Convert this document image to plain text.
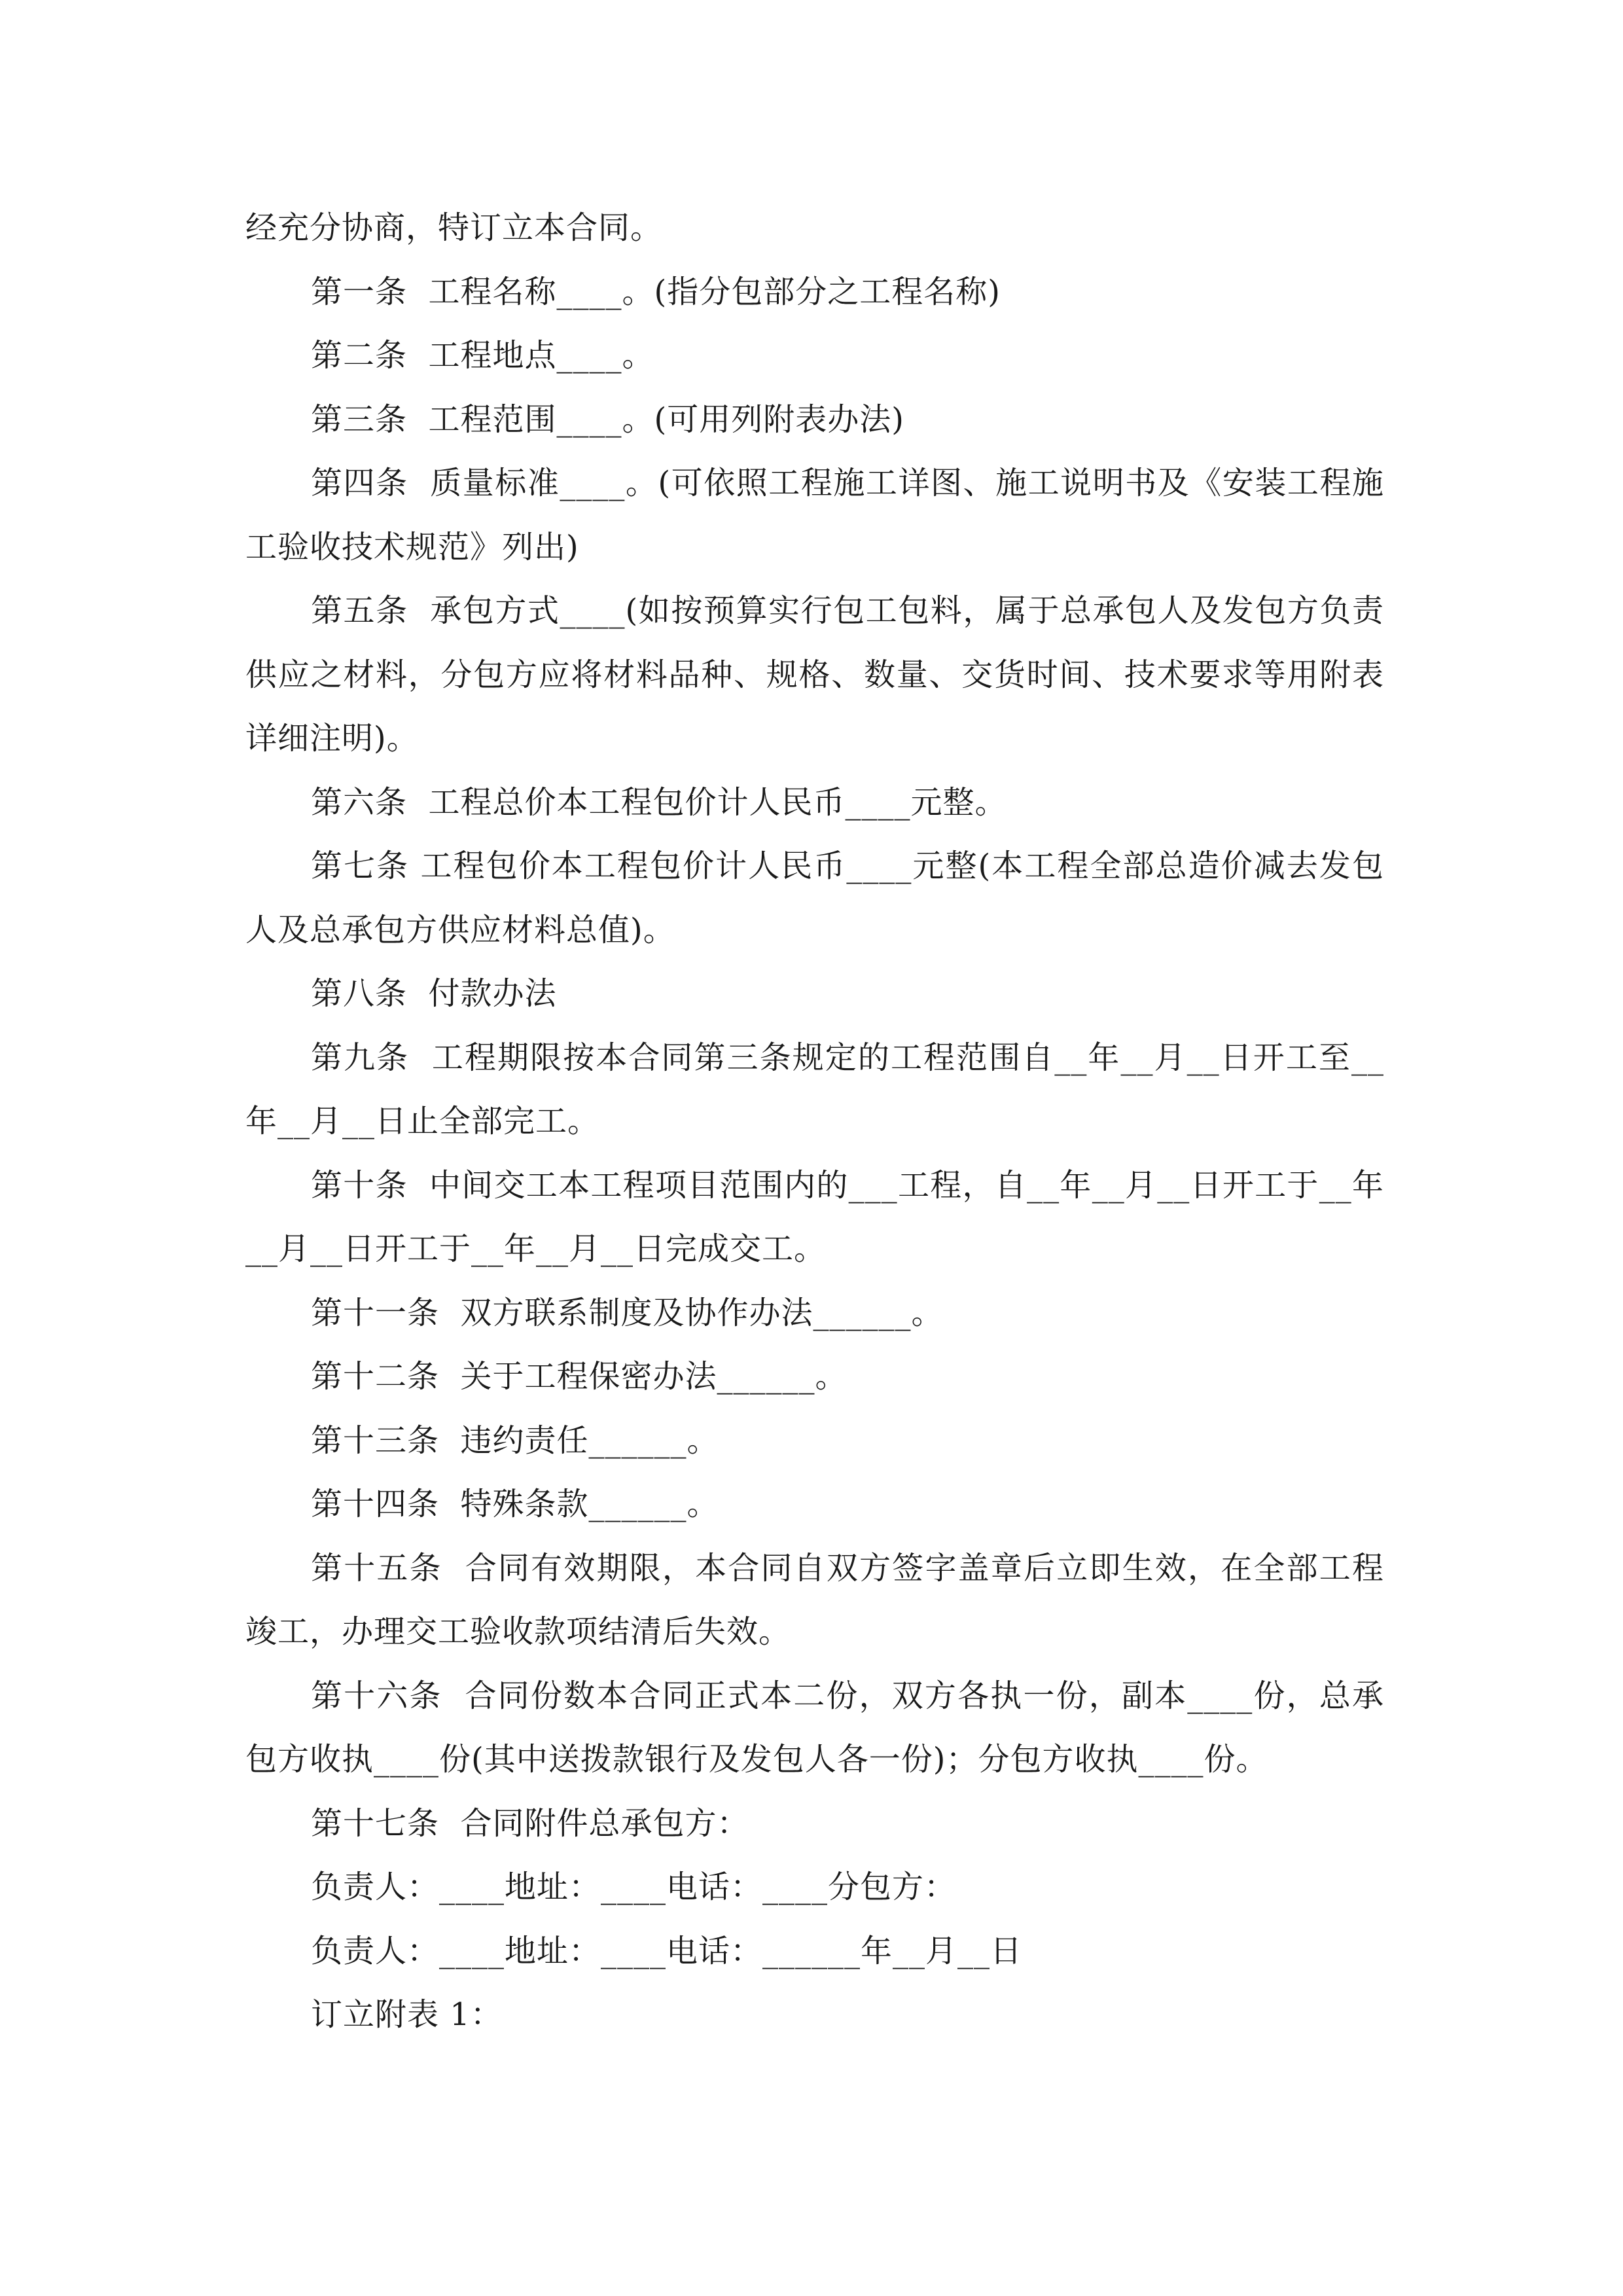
经充分协商，特订立本合同。

第一条  工程名称____。(指分包部分之工程名称)

第二条  工程地点____。

第三条  工程范围____。(可用列附表办法)

第四条  质量标准____。(可依照工程施工详图、施工说明书及《安装工程施工验收技术规范》列出)

第五条  承包方式____(如按预算实行包工包料，属于总承包人及发包方负责供应之材料，分包方应将材料品种、规格、数量、交货时间、技术要求等用附表详细注明)。

第六条  工程总价本工程包价计人民币____元整。

第七条 工程包价本工程包价计人民币____元整(本工程全部总造价减去发包人及总承包方供应材料总值)。

第八条  付款办法

第九条  工程期限按本合同第三条规定的工程范围自__年__月__日开工至__年__月__日止全部完工。

第十条  中间交工本工程项目范围内的___工程，自__年__月__日开工于__年__月__日开工于__年__月__日完成交工。

第十一条  双方联系制度及协作办法______。

第十二条  关于工程保密办法______。

第十三条  违约责任______。

第十四条  特殊条款______。

第十五条  合同有效期限，本合同自双方签字盖章后立即生效，在全部工程竣工，办理交工验收款项结清后失效。

第十六条  合同份数本合同正式本二份，双方各执一份，副本____份，总承包方收执____份(其中送拨款银行及发包人各一份)；分包方收执____份。

第十七条  合同附件总承包方：

负责人：____地址：____电话：____分包方：

负责人：____地址：____电话：______年__月__日

订立附表 1：
